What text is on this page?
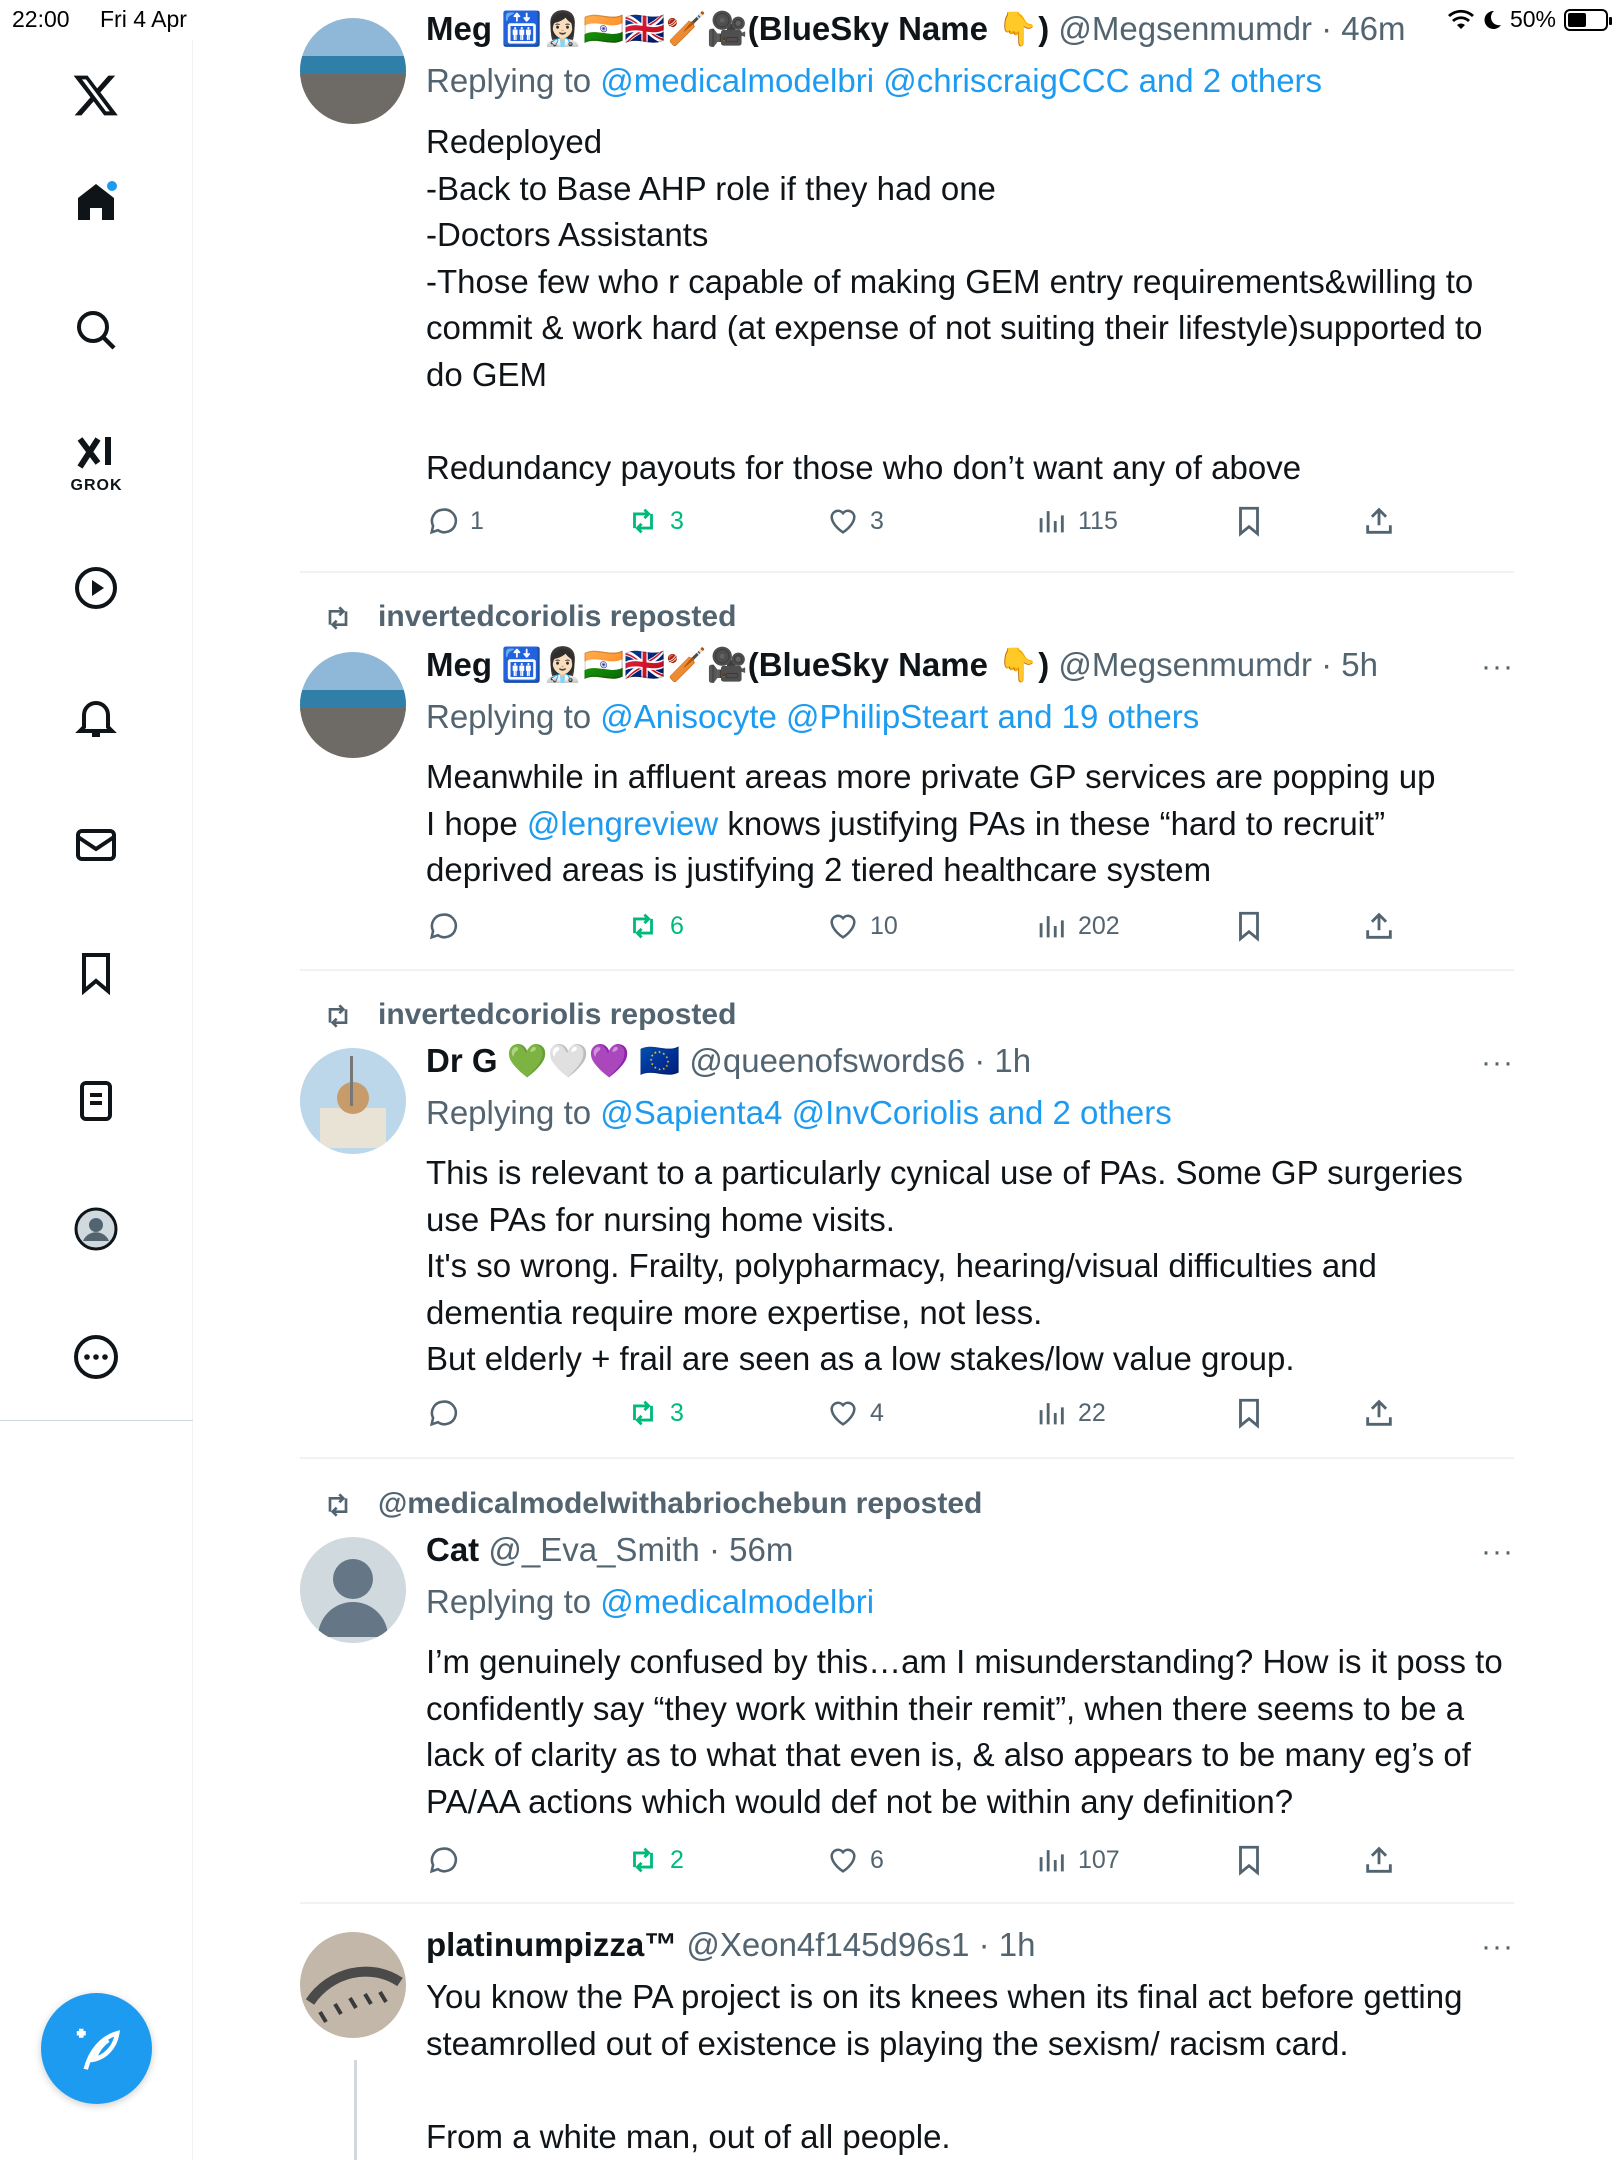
22:00 Fri 4 Apr	50%
GROK
Meg 🛗👩🏻‍⚕️🇮🇳🇬🇧🏏🎥(BlueSky Name 👇) @Megsenmumdr · 46m
Replying to @medicalmodelbri @chriscraigCCC and 2 others
Redeployed
-Back to Base AHP role if they had one
-Doctors Assistants
-Those few who r capable of making GEM entry requirements&willing to commit & work hard (at expense of not suiting their lifestyle)supported to do GEM
Redundancy payouts for those who don’t want any of above
1	3	3	115
invertedcoriolis reposted
Meg 🛗👩🏻‍⚕️🇮🇳🇬🇧🏏🎥(BlueSky Name 👇) @Megsenmumdr · 5h	···
Replying to @Anisocyte @PhilipSteart and 19 others
Meanwhile in affluent areas more private GP services are popping up
I hope @lengreview knows justifying PAs in these “hard to recruit” deprived areas is justifying 2 tiered healthcare system
6	10	202
invertedcoriolis reposted
Dr G 💚🤍💜 🇪🇺 @queenofswords6 · 1h	···
Replying to @Sapienta4 @InvCoriolis and 2 others
This is relevant to a particularly cynical use of PAs. Some GP surgeries use PAs for nursing home visits.
It's so wrong. Frailty, polypharmacy, hearing/visual difficulties and dementia require more expertise, not less.
But elderly + frail are seen as a low stakes/low value group.
3	4	22
@medicalmodelwithabriochebun reposted
Cat @_Eva_Smith · 56m	···
Replying to @medicalmodelbri
I’m genuinely confused by this…am I misunderstanding? How is it poss to confidently say “they work within their remit”, when there seems to be a lack of clarity as to what that even is, & also appears to be many eg’s of PA/AA actions which would def not be within any definition?
2	6	107
platinumpizza™ @Xeon4f145d96s1 · 1h	···
You know the PA project is on its knees when its final act before getting steamrolled out of existence is playing the sexism/ racism card.
From a white man, out of all people.
